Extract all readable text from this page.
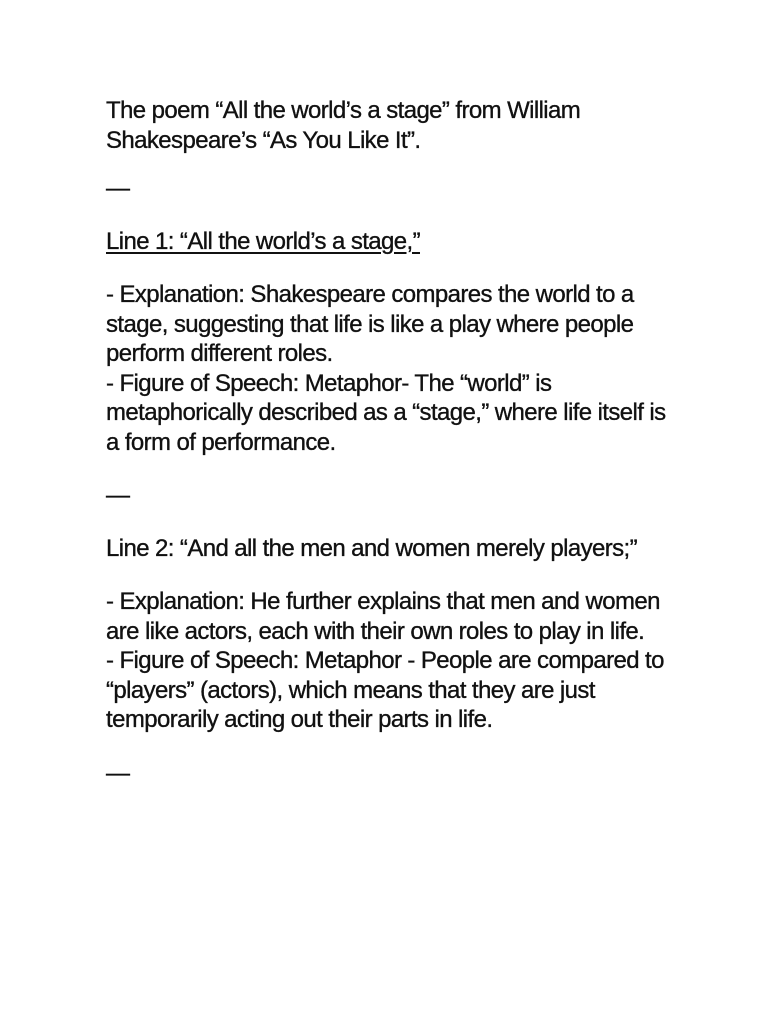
The poem “All the world’s a stage” from William Shakespeare’s “As You Like It”.

—

Line 1: “All the world’s a stage,”

- Explanation: Shakespeare compares the world to a stage, suggesting that life is like a play where people perform different roles.
- Figure of Speech: Metaphor- The “world” is metaphorically described as a “stage,” where life itself is a form of performance.

—

Line 2: “And all the men and women merely players;”

- Explanation: He further explains that men and women are like actors, each with their own roles to play in life.
- Figure of Speech: Metaphor - People are compared to “players” (actors), which means that they are just temporarily acting out their parts in life.

—
